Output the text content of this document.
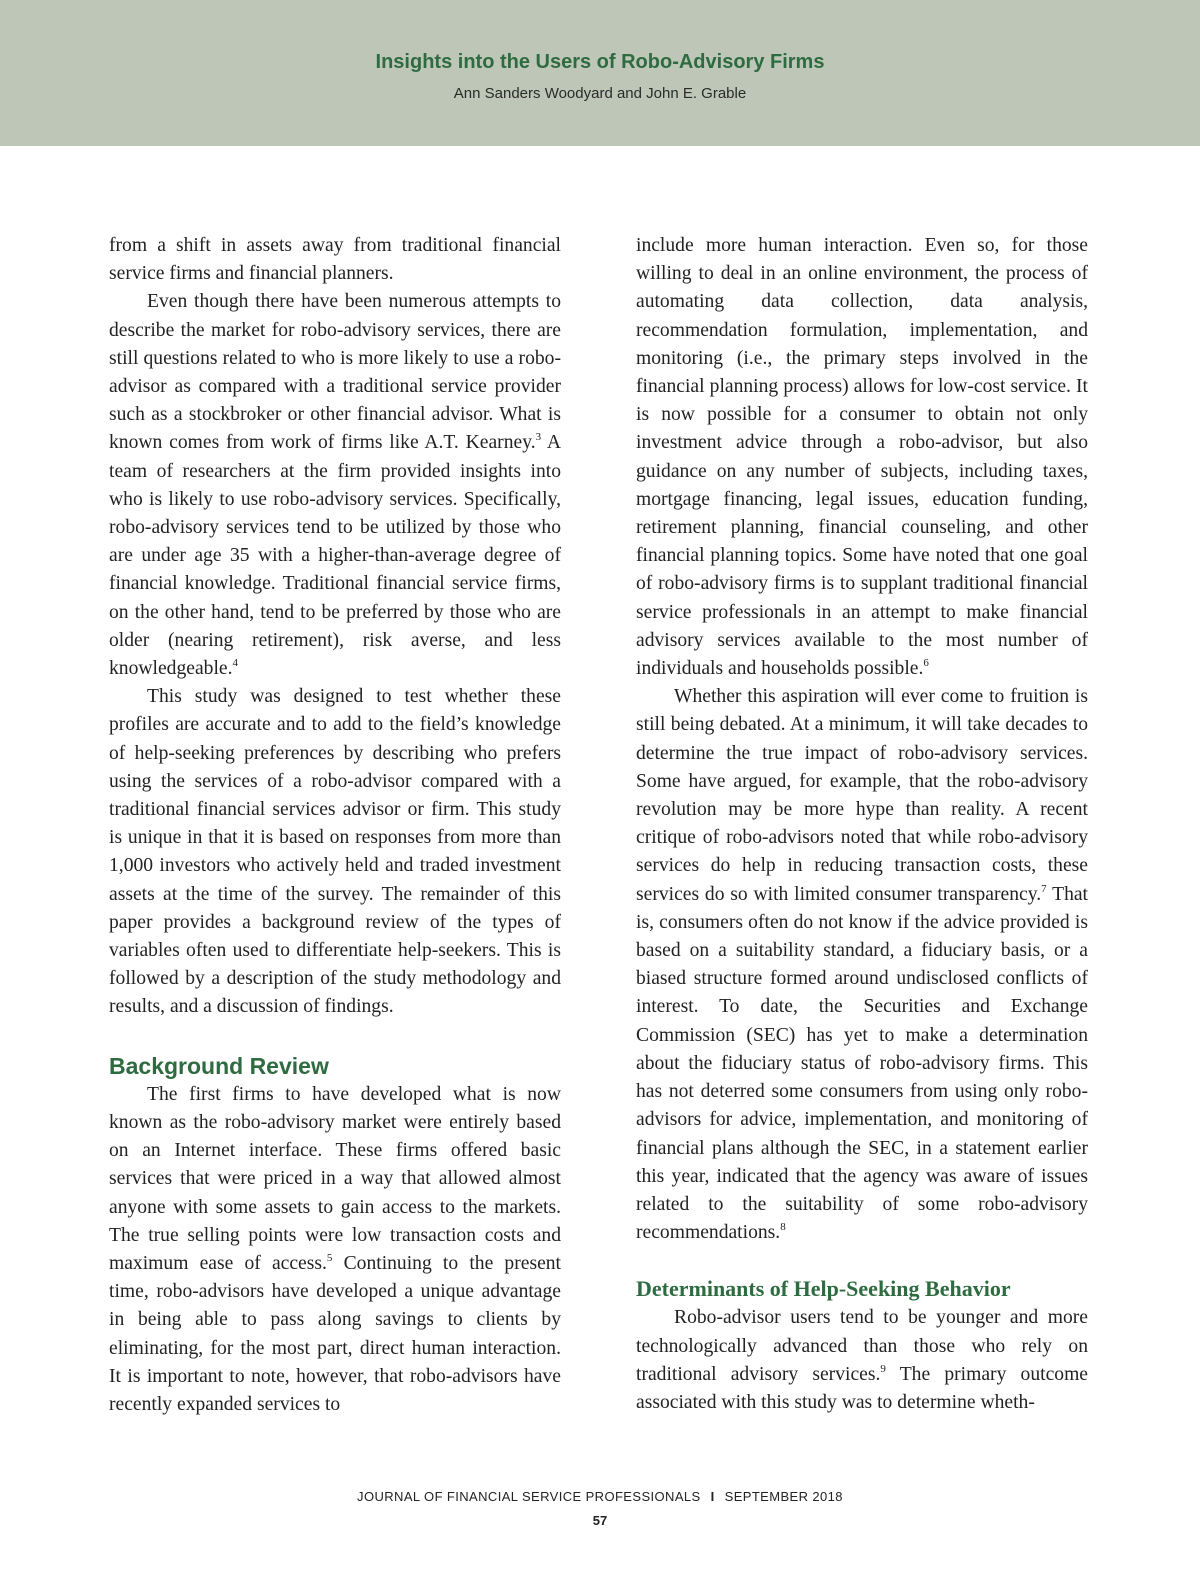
Insights into the Users of Robo-Advisory Firms
Ann Sanders Woodyard and John E. Grable

from a shift in assets away from traditional financial service firms and financial planners.

Even though there have been numerous attempts to describe the market for robo-advisory services, there are still questions related to who is more likely to use a robo-advisor as compared with a traditional service provider such as a stockbroker or other financial advisor. What is known comes from work of firms like A.T. Kearney.$^3$ A team of researchers at the firm provided insights into who is likely to use robo-advisory services. Specifically, robo-advisory services tend to be utilized by those who are under age 35 with a higher-than-average degree of financial knowledge. Traditional financial service firms, on the other hand, tend to be preferred by those who are older (nearing retirement), risk averse, and less knowledgeable.$^4$

This study was designed to test whether these profiles are accurate and to add to the field’s knowledge of help-seeking preferences by describing who prefers using the services of a robo-advisor compared with a traditional financial services advisor or firm. This study is unique in that it is based on responses from more than 1,000 investors who actively held and traded investment assets at the time of the survey. The remainder of this paper provides a background review of the types of variables often used to differentiate help-seekers. This is followed by a description of the study methodology and results, and a discussion of findings.

Background Review

The first firms to have developed what is now known as the robo-advisory market were entirely based on an Internet interface. These firms offered basic services that were priced in a way that allowed almost anyone with some assets to gain access to the markets. The true selling points were low transaction costs and maximum ease of access.$^5$ Continuing to the present time, robo-advisors have developed a unique advantage in being able to pass along savings to clients by eliminating, for the most part, direct human interaction. It is important to note, however, that robo-advisors have recently expanded services to

include more human interaction. Even so, for those willing to deal in an online environment, the process of automating data collection, data analysis, recommendation formulation, implementation, and monitoring (i.e., the primary steps involved in the financial planning process) allows for low-cost service. It is now possible for a consumer to obtain not only investment advice through a robo-advisor, but also guidance on any number of subjects, including taxes, mortgage financing, legal issues, education funding, retirement planning, financial counseling, and other financial planning topics. Some have noted that one goal of robo-advisory firms is to supplant traditional financial service professionals in an attempt to make financial advisory services available to the most number of individuals and households possible.$^6$

Whether this aspiration will ever come to fruition is still being debated. At a minimum, it will take decades to determine the true impact of robo-advisory services. Some have argued, for example, that the robo-advisory revolution may be more hype than reality. A recent critique of robo-advisors noted that while robo-advisory services do help in reducing transaction costs, these services do so with limited consumer transparency.$^7$ That is, consumers often do not know if the advice provided is based on a suitability standard, a fiduciary basis, or a biased structure formed around undisclosed conflicts of interest. To date, the Securities and Exchange Commission (SEC) has yet to make a determination about the fiduciary status of robo-advisory firms. This has not deterred some consumers from using only robo-advisors for advice, implementation, and monitoring of financial plans although the SEC, in a statement earlier this year, indicated that the agency was aware of issues related to the suitability of some robo-advisory recommendations.$^8$

Determinants of Help-Seeking Behavior

Robo-advisor users tend to be younger and more technologically advanced than those who rely on traditional advisory services.$^9$ The primary outcome associated with this study was to determine wheth-

JOURNAL OF FINANCIAL SERVICE PROFESSIONALS I SEPTEMBER 2018
57
